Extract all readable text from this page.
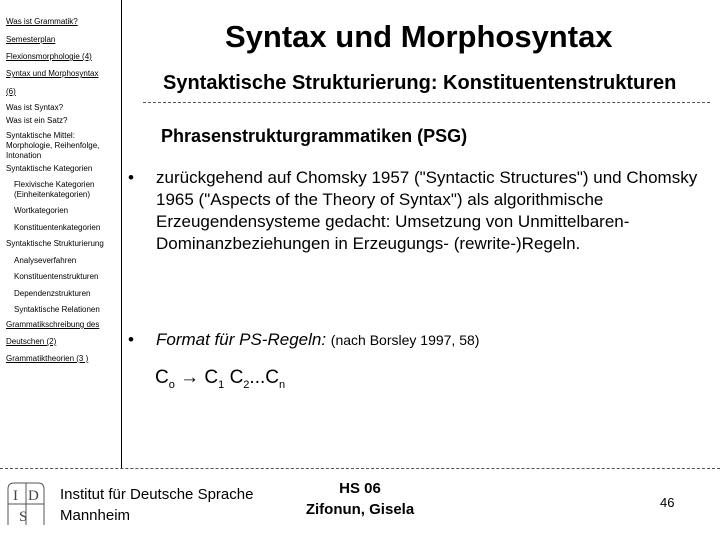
Was ist Grammatik?
Semesterplan
Flexionsmorphologie (4)
Syntax und Morphosyntax
(6)
Was ist Syntax?
Was ist ein Satz?
Syntaktische Mittel: Morphologie, Reihenfolge, Intonation
Syntaktische Kategorien
Flexivische Kategorien (Einheitenkategorien)
Wortkategorien
Konstituentenkategorien
Syntaktische Strukturierung
Analyseverfahren
Konstituentenstrukturen
Dependenzstrukturen
Syntaktische Relationen
Grammatikschreibung des
Deutschen (2)
Grammatiktheorien (3 )
Syntax und Morphosyntax
Syntaktische Strukturierung: Konstituentenstrukturen
Phrasenstrukturgrammatiken (PSG)
•	zurückgehend auf Chomsky 1957 ("Syntactic Structures") und Chomsky 1965 ("Aspects of the Theory of Syntax") als algorithmische Erzeugendensysteme gedacht: Umsetzung von Unmittelbaren-Dominanzbeziehungen in Erzeugungs- (rewrite-)Regeln.
•	Format für PS-Regeln: (nach Borsley 1997, 58)
$C_o \to C_1$ $C_2...C_n$
I D
S
Institut für Deutsche Sprache
Mannheim
HS 06
Zifonun, Gisela	46
